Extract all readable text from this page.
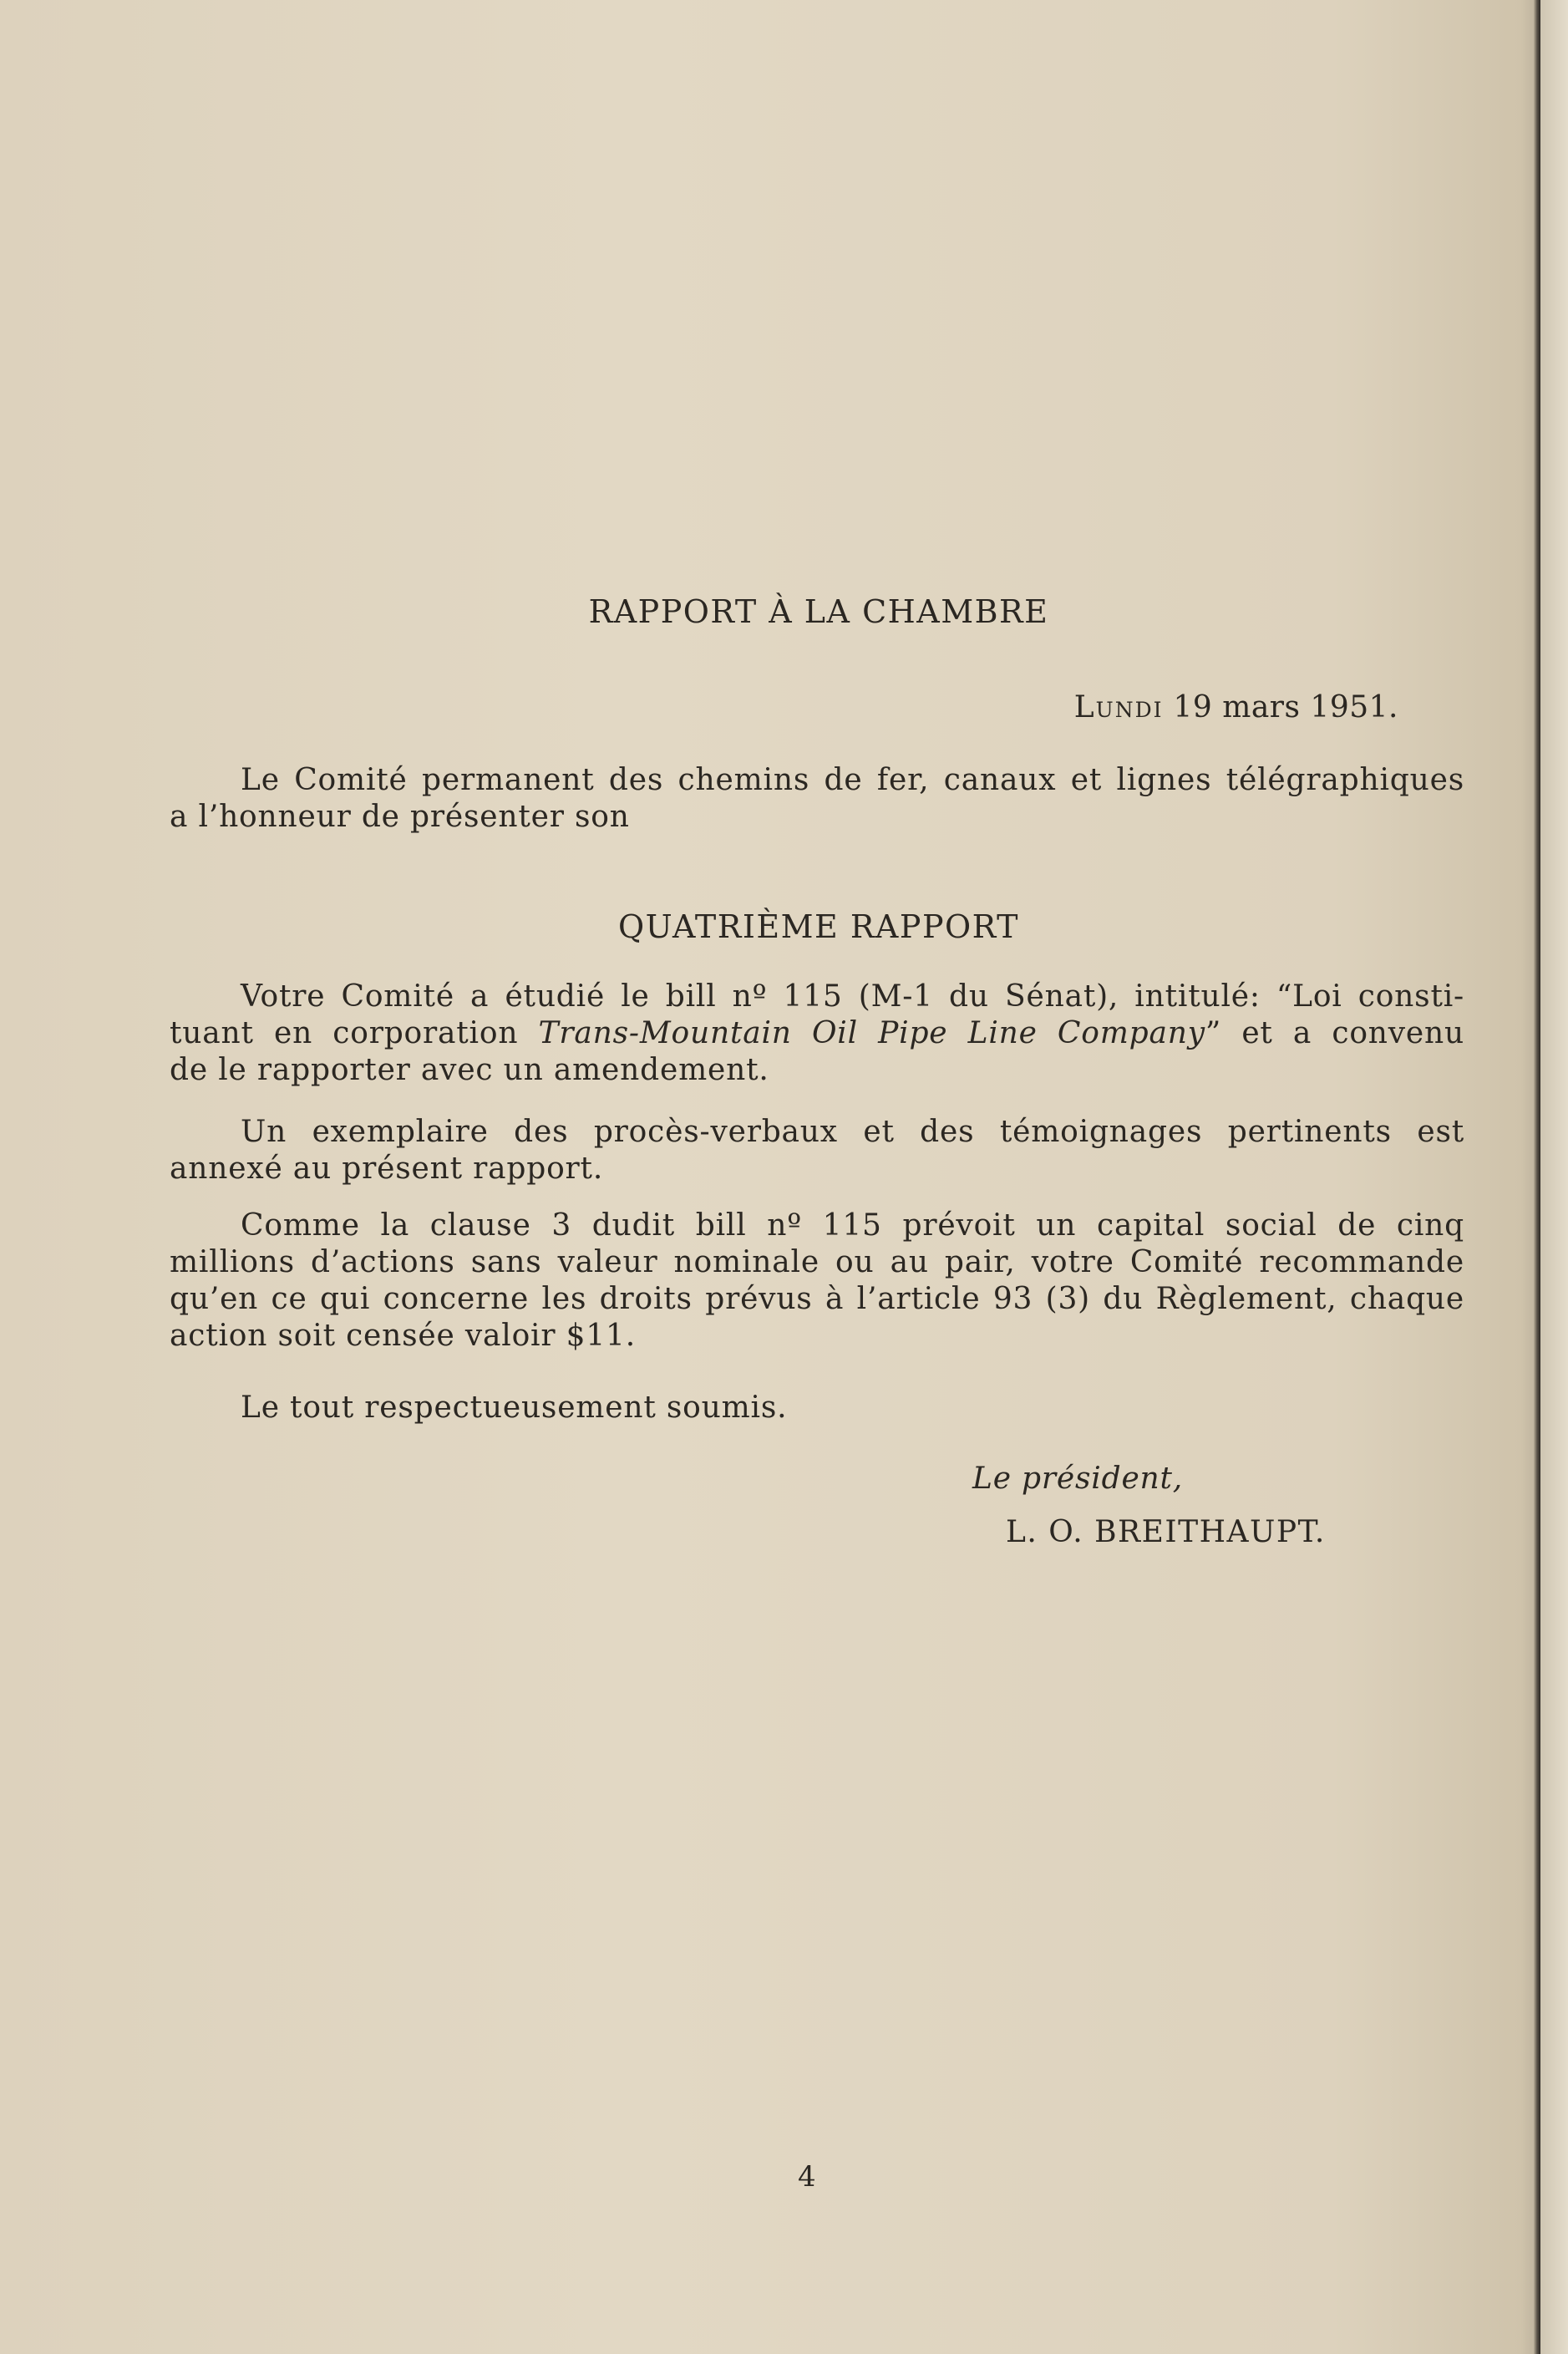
RAPPORT À LA CHAMBRE
Lundi 19 mars 1951.
Le Comité permanent des chemins de fer, canaux et lignes télégraphiques
a l’honneur de présenter son
QUATRIÈME RAPPORT
Votre Comité a étudié le bill nº 115 (M-1 du Sénat), intitulé: “Loi consti-
tuant en corporation Trans-Mountain Oil Pipe Line Company” et a convenu
de le rapporter avec un amendement.
Un exemplaire des procès-verbaux et des témoignages pertinents est
annexé au présent rapport.
Comme la clause 3 dudit bill nº 115 prévoit un capital social de cinq
millions d’actions sans valeur nominale ou au pair, votre Comité recommande
qu’en ce qui concerne les droits prévus à l’article 93 (3) du Règlement, chaque
action soit censée valoir $11.
Le tout respectueusement soumis.
Le président,
L. O. BREITHAUPT.
4
